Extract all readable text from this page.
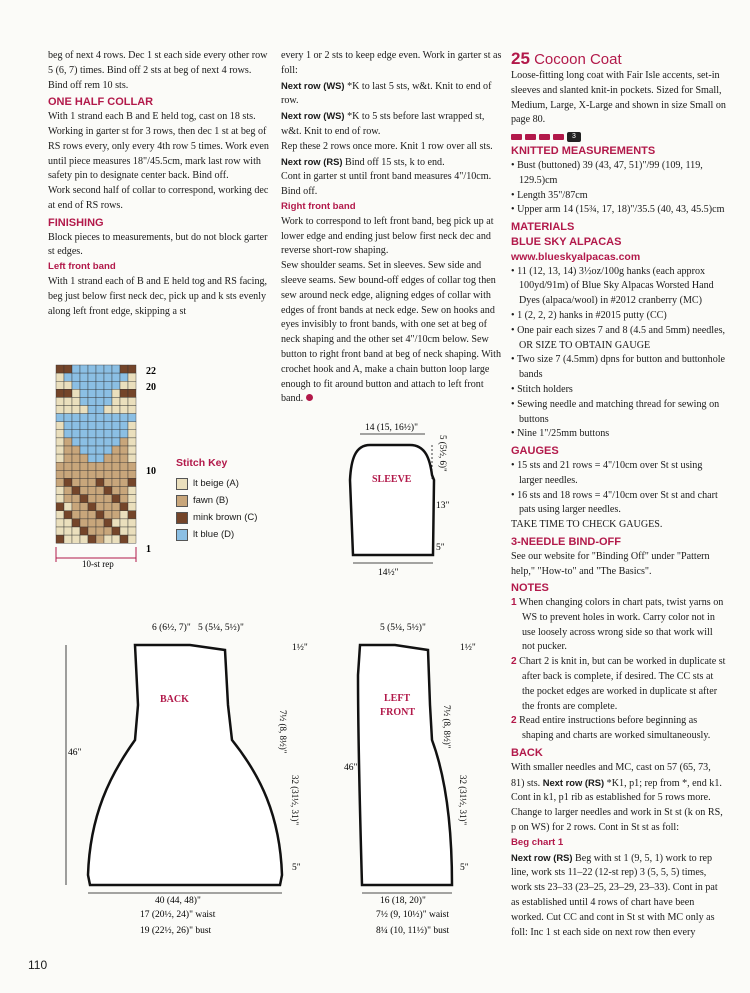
beg of next 4 rows. Dec 1 st each side every other row 5 (6, 7) times. Bind off 2 sts at beg of next 4 rows. Bind off rem 10 sts.

ONE HALF COLLAR

With 1 strand each B and E held tog, cast on 18 sts. Working in garter st for 3 rows, then dec 1 st at beg of RS rows every, only every 4th row 5 times. Work even until piece measures 18"/45.5cm, mark last row with safety pin to designate center back. Bind off.

Work second half of collar to correspond, working dec at end of RS rows.

FINISHING

Block pieces to measurements, but do not block garter st edges.

Left front band

With 1 strand each of B and E held tog and RS facing, beg just below first neck dec, pick up and k sts evenly along left front edge, skipping a st

every 1 or 2 sts to keep edge even. Work in garter st as foll:

Next row (WS) *K to last 5 sts, w&t. Knit to end of row.

Next row (WS) *K to 5 sts before last wrapped st, w&t. Knit to end of row.

Rep these 2 rows once more. Knit 1 row over all sts.

Next row (RS) Bind off 15 sts, k to end.

Cont in garter st until front band measures 4"/10cm. Bind off.

Right front band

Work to correspond to left front band, beg pick up at lower edge and ending just below first neck dec and reverse short-row shaping.

Sew shoulder seams. Set in sleeves. Sew side and sleeve seams. Sew bound-off edges of collar tog then sew around neck edge, aligning edges of collar with edges of front bands at neck edge. Sew on hooks and eyes invisibly to front bands, with one set at beg of neck shaping and the other set 4"/10cm below. Sew button to right front band at beg of neck shaping. With crochet hook and A, make a chain button loop large enough to fit around button and attach to left front band.

25 Cocoon Coat

Loose-fitting long coat with Fair Isle accents, set-in sleeves and slanted knit-in pockets. Sized for Small, Medium, Large, X-Large and shown in size Small on page 80.

3

KNITTED MEASUREMENTS

• Bust (buttoned) 39 (43, 47, 51)"/99 (109, 119, 129.5)cm
• Length 35"/87cm
• Upper arm 14 (15¾, 17, 18)"/35.5 (40, 43, 45.5)cm

MATERIALS

BLUE SKY ALPACAS

www.blueskyalpacas.com

• 11 (12, 13, 14) 3½oz/100g hanks (each approx 100yd/91m) of Blue Sky Alpacas Worsted Hand Dyes (alpaca/wool) in #2012 cranberry (MC)
• 1 (2, 2, 2) hanks in #2015 putty (CC)
• One pair each sizes 7 and 8 (4.5 and 5mm) needles, OR SIZE TO OBTAIN GAUGE
• Two size 7 (4.5mm) dpns for button and buttonhole bands
• Stitch holders
• Sewing needle and matching thread for sewing on buttons
• Nine 1"/25mm buttons

GAUGES

• 15 sts and 21 rows = 4"/10cm over St st using larger needles.
• 16 sts and 18 rows = 4"/10cm over St st and chart pats using larger needles.

TAKE TIME TO CHECK GAUGES.

3-NEEDLE BIND-OFF

See our website for "Binding Off" under "Pattern help," "How-to" and "The Basics".

NOTES

1 When changing colors in chart pats, twist yarns on WS to prevent holes in work. Carry color not in use loosely across wrong side so that work will not pucker.

2 Chart 2 is knit in, but can be worked in duplicate st after back is complete, if desired. The CC sts at the pocket edges are worked in duplicate st after the fronts are complete.

2 Read entire instructions before beginning as shaping and charts are worked simultaneously.

BACK

With smaller needles and MC, cast on 57 (65, 73, 81) sts. Next row (RS) *K1, p1; rep from *, end k1. Cont in k1, p1 rib as established for 5 rows more. Change to larger needles and work in St st (k on RS, p on WS) for 2 rows. Cont in St st as foll:

Beg chart 1

Next row (RS) Beg with st 1 (9, 5, 1) work to rep line, work sts 11–22 (12-st rep) 3 (5, 5, 5) times, work sts 23–33 (23–25, 23–29, 23–33). Cont in pat as established until 4 rows of chart have been worked. Cut CC and cont in St st with MC only as foll: Inc 1 st each side on next row then every

22
20
10
1
10-st rep
Stitch Key
lt beige (A)
fawn (B)
mink brown (C)
lt blue (D)
14 (15, 16½)"
5 (5½, 6)"
13"
5"
SLEEVE
14½"
6 (6½, 7)" 5 (5¼, 5½)"
1½"
7½ (8, 8½)"
46"
32 (31½, 31)"
5"
BACK
40 (44, 48)"
17 (20½, 24)" waist
19 (22½, 26)" bust
5 (5¼, 5½)"
1½"
7½ (8, 8½)"
46"
32 (31½, 31)"
5"
LEFT
FRONT
16 (18, 20)"
7½ (9, 10½)" waist
8¼ (10, 11½)" bust
110
